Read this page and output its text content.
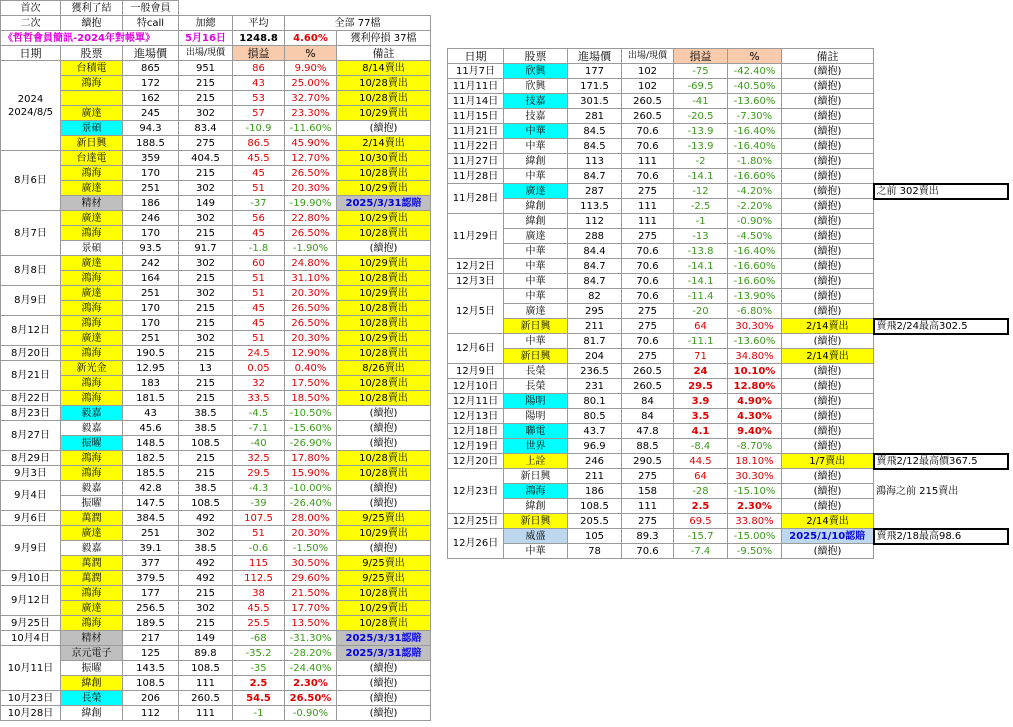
首次	獲利了結	一般會員				
二次	續抱	特call	加總	平均	全部 77檔	
《哲哲會員簡訊-2024年對帳單》			5月16日	1248.8	4.60%	獲利停損 37檔
日期	股票	進場價	出場/現價	損益	%	備註
2024
2024/8/5	台積電	865	951	86	9.90%	8/14賣出
	鴻海	172	215	43	25.00%	10/28賣出
		162	215	53	32.70%	10/28賣出
	廣達	245	302	57	23.30%	10/29賣出
	景碩	94.3	83.4	-10.9	-11.60%	(續抱)
	新日興	188.5	275	86.5	45.90%	2/14賣出
8月6日	台達電	359	404.5	45.5	12.70%	10/30賣出
	鴻海	170	215	45	26.50%	10/28賣出
	廣達	251	302	51	20.30%	10/29賣出
	精材	186	149	-37	-19.90%	2025/3/31認賠
8月7日	廣達	246	302	56	22.80%	10/29賣出
	鴻海	170	215	45	26.50%	10/28賣出
	景碩	93.5	91.7	-1.8	-1.90%	(續抱)
8月8日	廣達	242	302	60	24.80%	10/29賣出
	鴻海	164	215	51	31.10%	10/28賣出
8月9日	廣達	251	302	51	20.30%	10/29賣出
	鴻海	170	215	45	26.50%	10/28賣出
8月12日	鴻海	170	215	45	26.50%	10/28賣出
	廣達	251	302	51	20.30%	10/29賣出
8月20日	鴻海	190.5	215	24.5	12.90%	10/28賣出
8月21日	新光金	12.95	13	0.05	0.40%	8/26賣出
	鴻海	183	215	32	17.50%	10/28賣出
8月22日	鴻海	181.5	215	33.5	18.50%	10/28賣出
8月23日	毅嘉	43	38.5	-4.5	-10.50%	(續抱)
8月27日	毅嘉	45.6	38.5	-7.1	-15.60%	(續抱)
	振曜	148.5	108.5	-40	-26.90%	(續抱)
8月29日	鴻海	182.5	215	32.5	17.80%	10/28賣出
9月3日	鴻海	185.5	215	29.5	15.90%	10/28賣出
9月4日	毅嘉	42.8	38.5	-4.3	-10.00%	(續抱)
	振曜	147.5	108.5	-39	-26.40%	(續抱)
9月6日	萬潤	384.5	492	107.5	28.00%	9/25賣出
9月9日	廣達	251	302	51	20.30%	10/29賣出
	毅嘉	39.1	38.5	-0.6	-1.50%	(續抱)
	萬潤	377	492	115	30.50%	9/25賣出
9月10日	萬潤	379.5	492	112.5	29.60%	9/25賣出
9月12日	鴻海	177	215	38	21.50%	10/28賣出
	廣達	256.5	302	45.5	17.70%	10/29賣出
9月25日	鴻海	189.5	215	25.5	13.50%	10/28賣出
10月4日	精材	217	149	-68	-31.30%	2025/3/31認賠
10月11日	京元電子	125	89.8	-35.2	-28.20%	2025/3/31認賠
	振曜	143.5	108.5	-35	-24.40%	(續抱)
	緯創	108.5	111	2.5	2.30%	(續抱)
10月23日	長榮	206	260.5	54.5	26.50%	(續抱)
10月28日	緯創	112	111	-1	-0.90%	(續抱)
日期	股票	進場價	出場/現價	損益	%	備註	
11月7日	欣興	177	102	-75	-42.40%	(續抱)	
11月11日	欣興	171.5	102	-69.5	-40.50%	(續抱)	
11月14日	技嘉	301.5	260.5	-41	-13.60%	(續抱)	
11月15日	技嘉	281	260.5	-20.5	-7.30%	(續抱)	
11月21日	中華	84.5	70.6	-13.9	-16.40%	(續抱)	
11月22日	中華	84.5	70.6	-13.9	-16.40%	(續抱)	
11月27日	緯創	113	111	-2	-1.80%	(續抱)	
11月28日	中華	84.7	70.6	-14.1	-16.60%	(續抱)	
11月28日	廣達	287	275	-12	-4.20%	(續抱)	之前 302賣出
	緯創	113.5	111	-2.5	-2.20%	(續抱)	
11月29日	緯創	112	111	-1	-0.90%	(續抱)	
	廣達	288	275	-13	-4.50%	(續抱)	
	中華	84.4	70.6	-13.8	-16.40%	(續抱)	
12月2日	中華	84.7	70.6	-14.1	-16.60%	(續抱)	
12月3日	中華	84.7	70.6	-14.1	-16.60%	(續抱)	
12月5日	中華	82	70.6	-11.4	-13.90%	(續抱)	
	廣達	295	275	-20	-6.80%	(續抱)	
	新日興	211	275	64	30.30%	2/14賣出	賣飛2/24最高302.5
12月6日	中華	81.7	70.6	-11.1	-13.60%	(續抱)	
	新日興	204	275	71	34.80%	2/14賣出	
12月9日	長榮	236.5	260.5	24	10.10%	(續抱)	
12月10日	長榮	231	260.5	29.5	12.80%	(續抱)	
12月11日	陽明	80.1	84	3.9	4.90%	(續抱)	
12月13日	陽明	80.5	84	3.5	4.30%	(續抱)	
12月18日	聯電	43.7	47.8	4.1	9.40%	(續抱)	
12月19日	世界	96.9	88.5	-8.4	-8.70%	(續抱)	
12月20日	上詮	246	290.5	44.5	18.10%	1/7賣出	賣飛2/12最高價367.5
12月23日	新日興	211	275	64	30.30%	(續抱)	
	鴻海	186	158	-28	-15.10%	(續抱)	鴻海之前 215賣出
	緯創	108.5	111	2.5	2.30%	(續抱)	
12月25日	新日興	205.5	275	69.5	33.80%	2/14賣出	
12月26日	威盛	105	89.3	-15.7	-15.00%	2025/1/10認賠	賣飛2/18最高98.6
	中華	78	70.6	-7.4	-9.50%	(續抱)	
